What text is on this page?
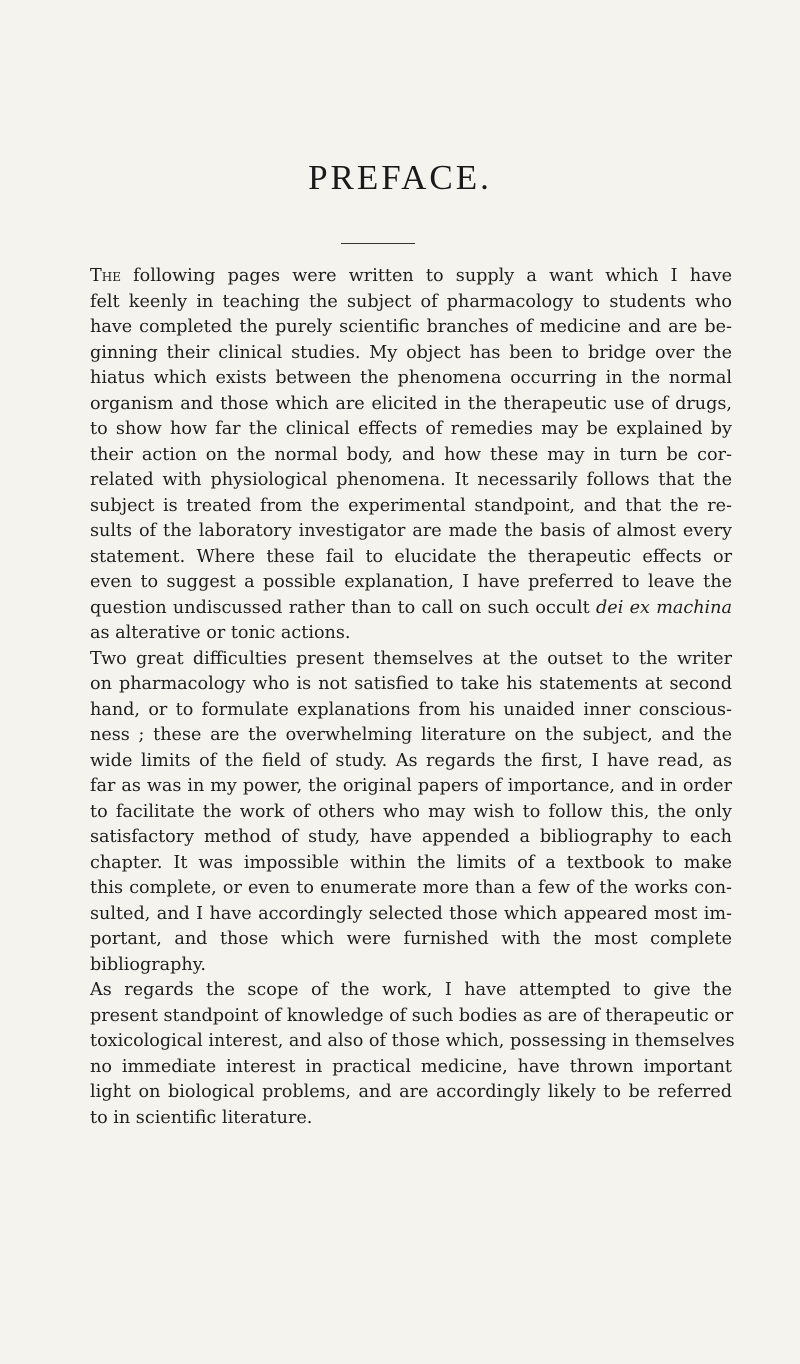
PREFACE.
The following pages were written to supply a want which I have
felt keenly in teaching the subject of pharmacology to students who
have completed the purely scientific branches of medicine and are be-
ginning their clinical studies. My object has been to bridge over the
hiatus which exists between the phenomena occurring in the normal
organism and those which are elicited in the therapeutic use of drugs,
to show how far the clinical effects of remedies may be explained by
their action on the normal body, and how these may in turn be cor-
related with physiological phenomena. It necessarily follows that the
subject is treated from the experimental standpoint, and that the re-
sults of the laboratory investigator are made the basis of almost every
statement. Where these fail to elucidate the therapeutic effects or
even to suggest a possible explanation, I have preferred to leave the
question undiscussed rather than to call on such occult dei ex machina
as alterative or tonic actions.
Two great difficulties present themselves at the outset to the writer
on pharmacology who is not satisfied to take his statements at second
hand, or to formulate explanations from his unaided inner conscious-
ness ; these are the overwhelming literature on the subject, and the
wide limits of the field of study. As regards the first, I have read, as
far as was in my power, the original papers of importance, and in order
to facilitate the work of others who may wish to follow this, the only
satisfactory method of study, have appended a bibliography to each
chapter. It was impossible within the limits of a textbook to make
this complete, or even to enumerate more than a few of the works con-
sulted, and I have accordingly selected those which appeared most im-
portant, and those which were furnished with the most complete
bibliography.
As regards the scope of the work, I have attempted to give the
present standpoint of knowledge of such bodies as are of therapeutic or
toxicological interest, and also of those which, possessing in themselves
no immediate interest in practical medicine, have thrown important
light on biological problems, and are accordingly likely to be referred
to in scientific literature.
